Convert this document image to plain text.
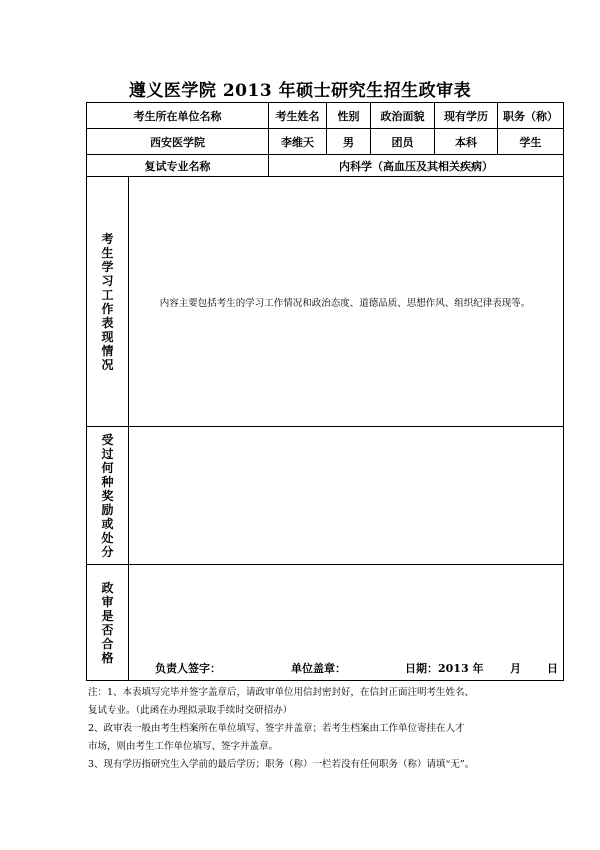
遵义医学院 2013 年硕士研究生招生政审表
考生所在单位名称		考生姓名	性别	政治面貌	现有学历	职务（称）
西安医学院		李维天	男	团员	本科	学生
复试专业名称		内科学（高血压及其相关疾病）				
考生学习工作表现情况	内容主要包括考生的学习工作情况和政治态度、道德品质、思想作风、组织纪律表现等。					

受过何种奖励或处分						
政审是否合格	负责人签字： 单位盖章： 日期：2013 年 月 日					
注：1、本表填写完毕并签字盖章后，请政审单位用信封密封好，在信封正面注明考生姓名、
复试专业。（此函在办理拟录取手续时交研招办）
2、政审表一般由考生档案所在单位填写、签字并盖章；若考生档案由工作单位寄挂在人才
市场，则由考生工作单位填写、签字并盖章。
3、现有学历指研究生入学前的最后学历；职务（称）一栏若没有任何职务（称）请填“无”。
